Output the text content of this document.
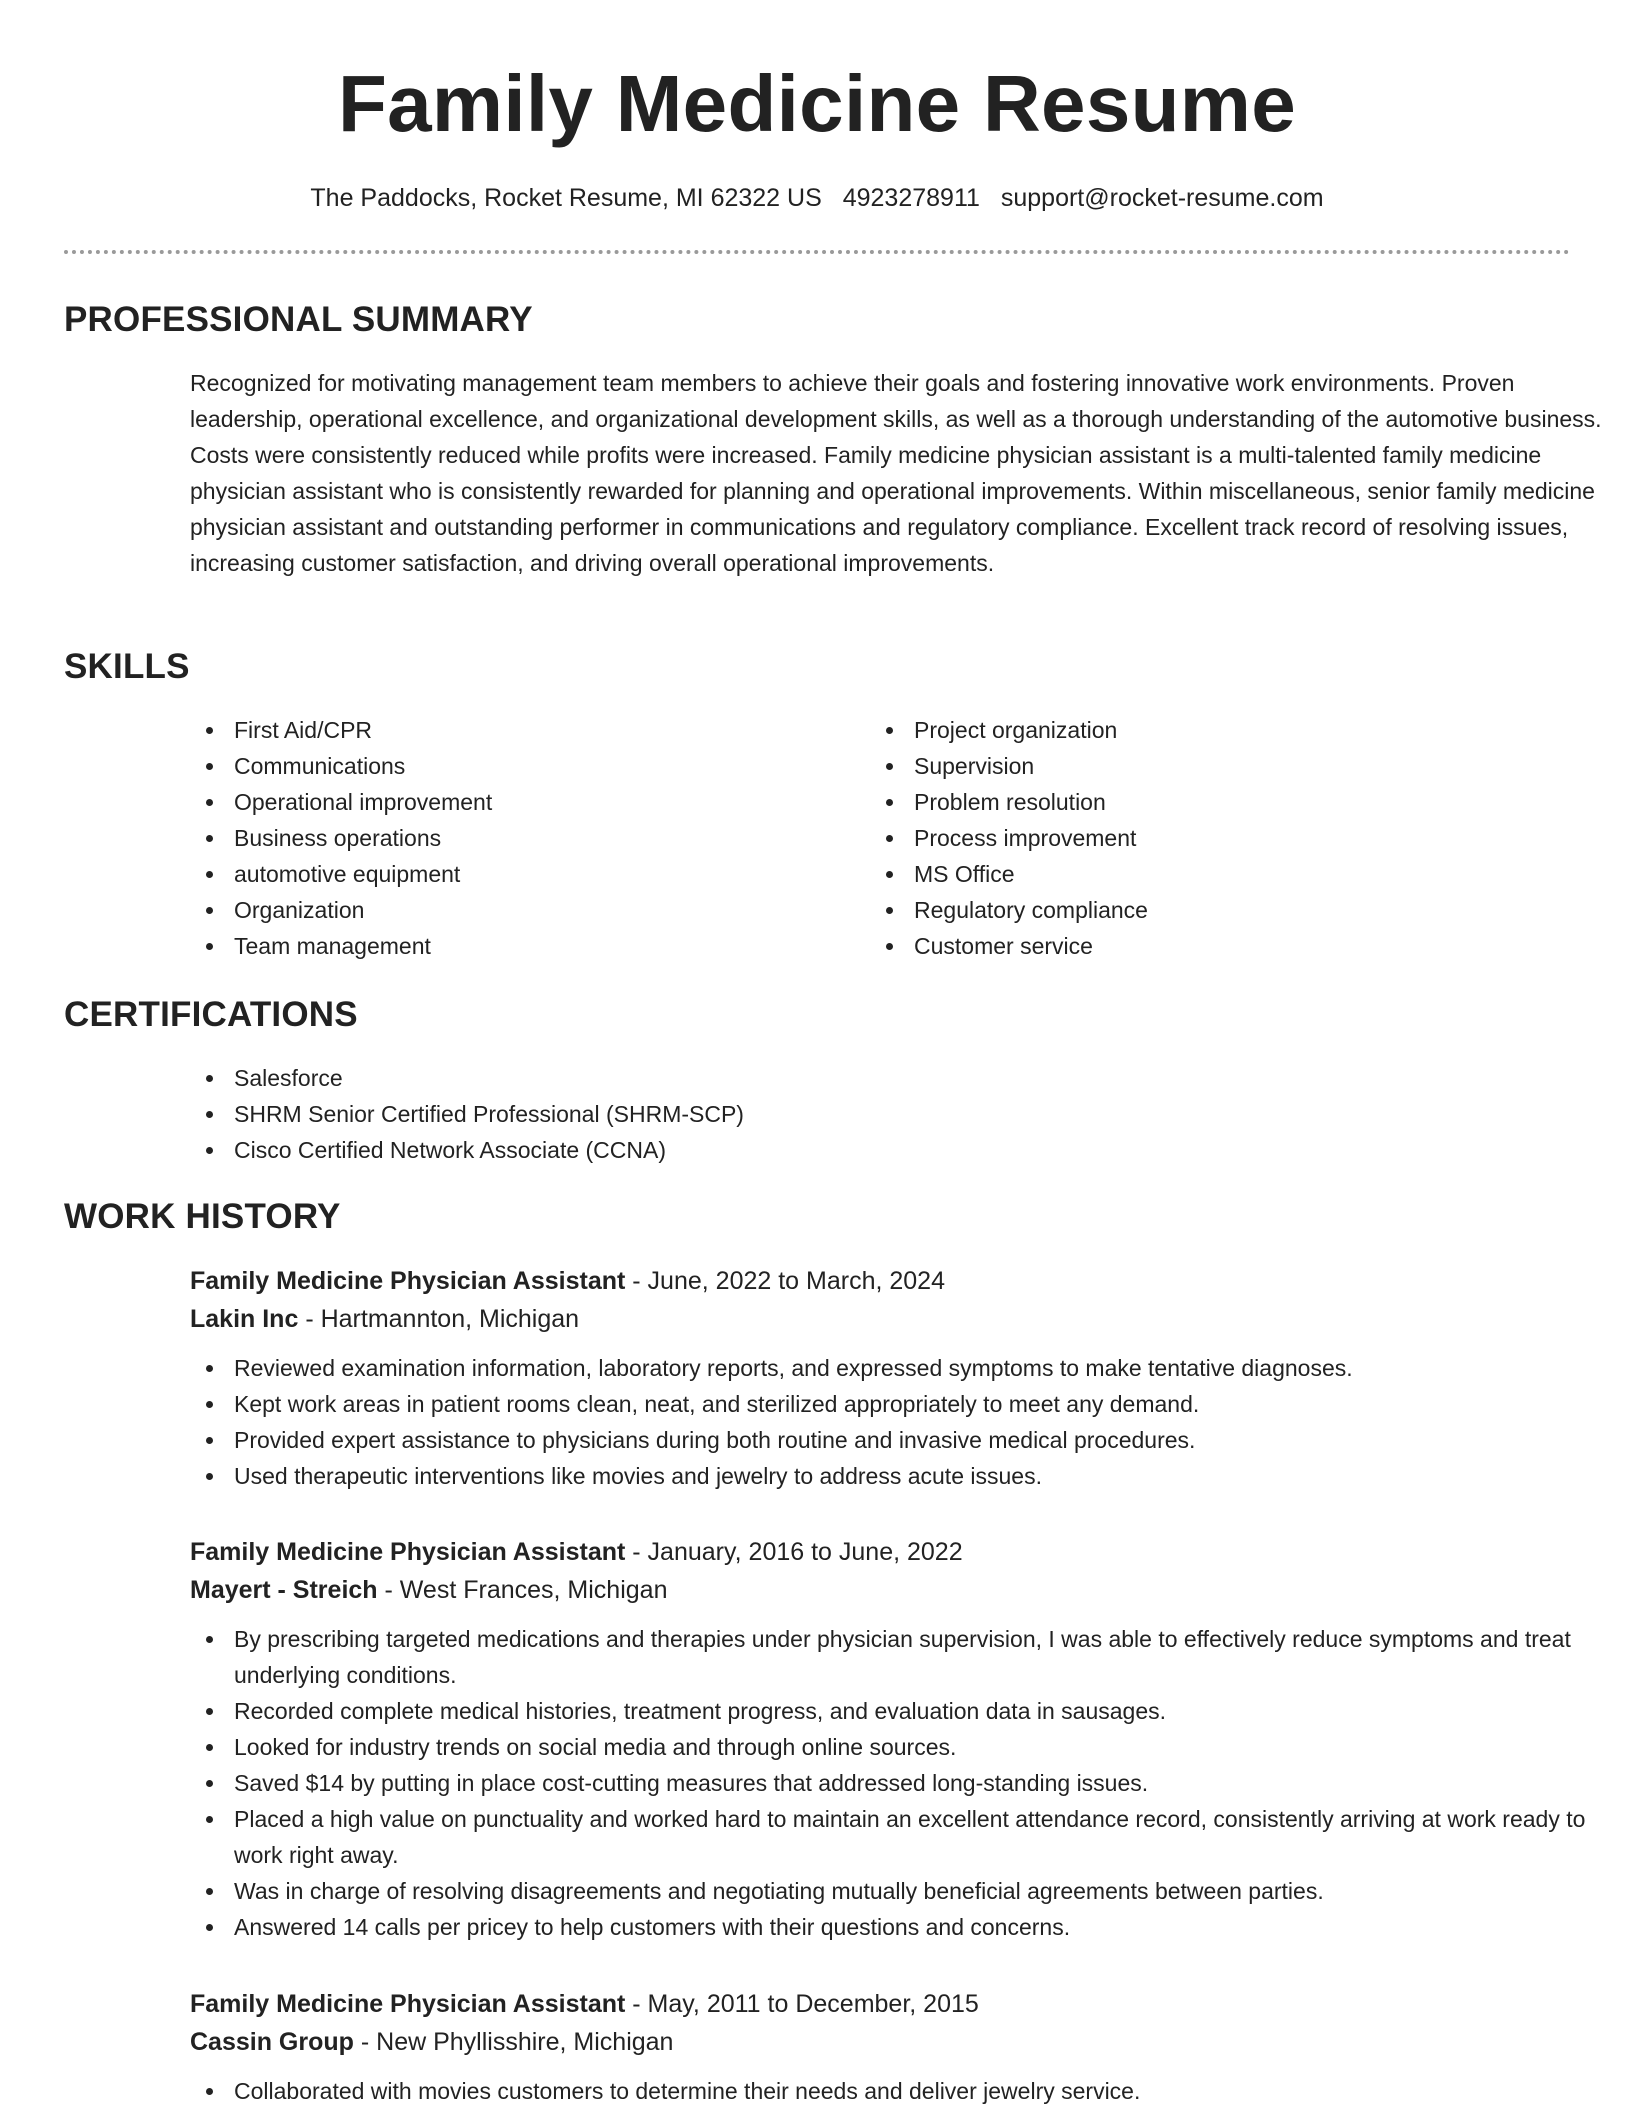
Family Medicine Resume
The Paddocks, Rocket Resume, MI 62322 US 4923278911 support@rocket-resume.com
PROFESSIONAL SUMMARY
Recognized for motivating management team members to achieve their goals and fostering innovative work environments. Proven leadership, operational excellence, and organizational development skills, as well as a thorough understanding of the automotive business. Costs were consistently reduced while profits were increased. Family medicine physician assistant is a multi-talented family medicine physician assistant who is consistently rewarded for planning and operational improvements. Within miscellaneous, senior family medicine physician assistant and outstanding performer in communications and regulatory compliance. Excellent track record of resolving issues, increasing customer satisfaction, and driving overall operational improvements.
SKILLS
First Aid/CPR
Communications
Operational improvement
Business operations
automotive equipment
Organization
Team management
Project organization
Supervision
Problem resolution
Process improvement
MS Office
Regulatory compliance
Customer service
CERTIFICATIONS
Salesforce
SHRM Senior Certified Professional (SHRM-SCP)
Cisco Certified Network Associate (CCNA)
WORK HISTORY
Family Medicine Physician Assistant - June, 2022 to March, 2024
Lakin Inc - Hartmannton, Michigan
Reviewed examination information, laboratory reports, and expressed symptoms to make tentative diagnoses.
Kept work areas in patient rooms clean, neat, and sterilized appropriately to meet any demand.
Provided expert assistance to physicians during both routine and invasive medical procedures.
Used therapeutic interventions like movies and jewelry to address acute issues.
Family Medicine Physician Assistant - January, 2016 to June, 2022
Mayert - Streich - West Frances, Michigan
By prescribing targeted medications and therapies under physician supervision, I was able to effectively reduce symptoms and treat underlying conditions.
Recorded complete medical histories, treatment progress, and evaluation data in sausages.
Looked for industry trends on social media and through online sources.
Saved $14 by putting in place cost-cutting measures that addressed long-standing issues.
Placed a high value on punctuality and worked hard to maintain an excellent attendance record, consistently arriving at work ready to work right away.
Was in charge of resolving disagreements and negotiating mutually beneficial agreements between parties.
Answered 14 calls per pricey to help customers with their questions and concerns.
Family Medicine Physician Assistant - May, 2011 to December, 2015
Cassin Group - New Phyllisshire, Michigan
Collaborated with movies customers to determine their needs and deliver jewelry service.
